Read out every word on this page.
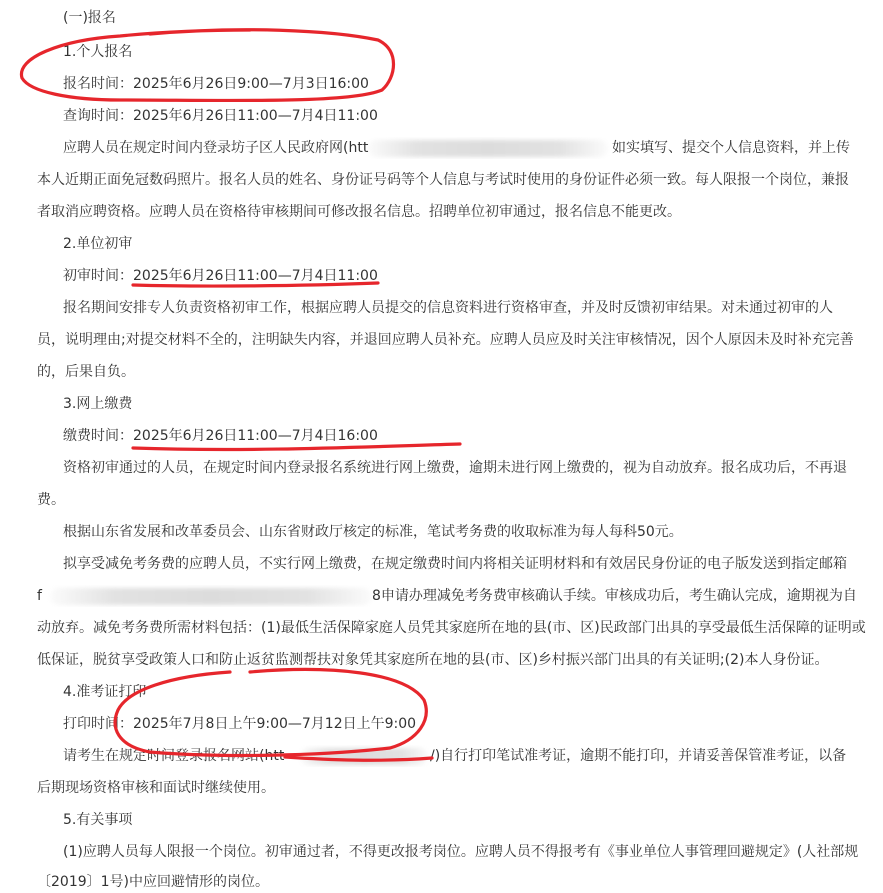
(一)报名
1.个人报名
报名时间：2025年6月26日9:00—7月3日16:00
查询时间：2025年6月26日11:00—7月4日11:00
应聘人员在规定时间内登录坊子区人民政府网(htt	如实填写、提交个人信息资料，并上传
本人近期正面免冠数码照片。报名人员的姓名、身份证号码等个人信息与考试时使用的身份证件必须一致。每人限报一个岗位，兼报
者取消应聘资格。应聘人员在资格待审核期间可修改报名信息。招聘单位初审通过，报名信息不能更改。
2.单位初审
初审时间：2025年6月26日11:00—7月4日11:00
报名期间安排专人负责资格初审工作，根据应聘人员提交的信息资料进行资格审查，并及时反馈初审结果。对未通过初审的人
员，说明理由;对提交材料不全的，注明缺失内容，并退回应聘人员补充。应聘人员应及时关注审核情况，因个人原因未及时补充完善
的，后果自负。
3.网上缴费
缴费时间：2025年6月26日11:00—7月4日16:00
资格初审通过的人员，在规定时间内登录报名系统进行网上缴费，逾期未进行网上缴费的，视为自动放弃。报名成功后，不再退
费。
根据山东省发展和改革委员会、山东省财政厅核定的标准，笔试考务费的收取标准为每人每科50元。
拟享受减免考务费的应聘人员，不实行网上缴费，在规定缴费时间内将相关证明材料和有效居民身份证的电子版发送到指定邮箱
f	8申请办理减免考务费审核确认手续。审核成功后，考生确认完成，逾期视为自
动放弃。减免考务费所需材料包括：(1)最低生活保障家庭人员凭其家庭所在地的县(市、区)民政部门出具的享受最低生活保障的证明或
低保证，脱贫享受政策人口和防止返贫监测帮扶对象凭其家庭所在地的县(市、区)乡村振兴部门出具的有关证明;(2)本人身份证。
4.准考证打印
打印时间：2025年7月8日上午9:00—7月12日上午9:00
请考生在规定时间登录报名网站(htt	/)自行打印笔试准考证，逾期不能打印，并请妥善保管准考证，以备
后期现场资格审核和面试时继续使用。
5.有关事项
(1)应聘人员每人限报一个岗位。初审通过者，不得更改报考岗位。应聘人员不得报考有《事业单位人事管理回避规定》(人社部规
〔2019〕1号)中应回避情形的岗位。
